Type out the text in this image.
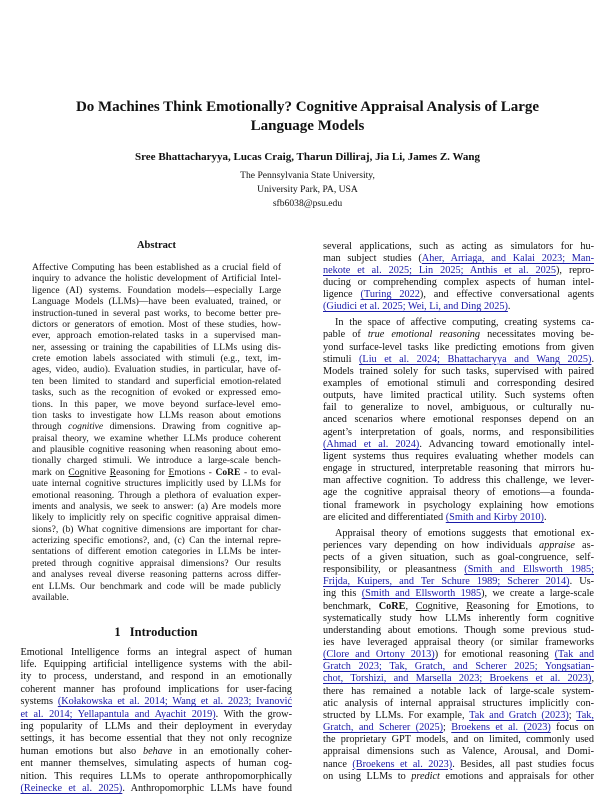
Do Machines Think Emotionally? Cognitive Appraisal Analysis of Large
Language Models
Sree Bhattacharyya, Lucas Craig, Tharun Dilliraj, Jia Li, James Z. Wang
The Pennsylvania State University,
University Park, PA, USA
sfb6038@psu.edu
Abstract
Affective Computing has been established as a crucial field of
inquiry to advance the holistic development of Artificial Intel-
ligence (AI) systems. Foundation models—especially Large
Language Models (LLMs)—have been evaluated, trained, or
instruction-tuned in several past works, to become better pre-
dictors or generators of emotion. Most of these studies, how-
ever, approach emotion-related tasks in a supervised man-
ner, assessing or training the capabilities of LLMs using dis-
crete emotion labels associated with stimuli (e.g., text, im-
ages, video, audio). Evaluation studies, in particular, have of-
ten been limited to standard and superficial emotion-related
tasks, such as the recognition of evoked or expressed emo-
tions. In this paper, we move beyond surface-level emo-
tion tasks to investigate how LLMs reason about emotions
through cognitive dimensions. Drawing from cognitive ap-
praisal theory, we examine whether LLMs produce coherent
and plausible cognitive reasoning when reasoning about emo-
tionally charged stimuli. We introduce a large-scale bench-
mark on Cognitive Reasoning for Emotions - CoRE - to eval-
uate internal cognitive structures implicitly used by LLMs for
emotional reasoning. Through a plethora of evaluation exper-
iments and analysis, we seek to answer: (a) Are models more
likely to implicitly rely on specific cognitive appraisal dimen-
sions?, (b) What cognitive dimensions are important for char-
acterizing specific emotions?, and, (c) Can the internal repre-
sentations of different emotion categories in LLMs be inter-
preted through cognitive appraisal dimensions? Our results
and analyses reveal diverse reasoning patterns across differ-
ent LLMs. Our benchmark and code will be made publicly
available.
1 Introduction
Emotional Intelligence forms an integral aspect of human
life. Equipping artificial intelligence systems with the abil-
ity to process, understand, and respond in an emotionally
coherent manner has profound implications for user-facing
systems (Kołakowska et al. 2014; Wang et al. 2023; Ivanović
et al. 2014; Yellapantula and Ayachit 2019). With the grow-
ing popularity of LLMs and their deployment in everyday
settings, it has become essential that they not only recognize
human emotions but also behave in an emotionally coher-
ent manner themselves, simulating aspects of human cog-
nition. This requires LLMs to operate anthropomorphically
(Reinecke et al. 2025). Anthropomorphic LLMs have found
several applications, such as acting as simulators for hu-
man subject studies (Aher, Arriaga, and Kalai 2023; Man-
nekote et al. 2025; Lin 2025; Anthis et al. 2025), repro-
ducing or comprehending complex aspects of human intel-
ligence (Turing 2022), and effective conversational agents
(Giudici et al. 2025; Wei, Li, and Ding 2025).
In the space of affective computing, creating systems ca-
pable of true emotional reasoning necessitates moving be-
yond surface-level tasks like predicting emotions from given
stimuli (Liu et al. 2024; Bhattacharyya and Wang 2025).
Models trained solely for such tasks, supervised with paired
examples of emotional stimuli and corresponding desired
outputs, have limited practical utility. Such systems often
fail to generalize to novel, ambiguous, or culturally nu-
anced scenarios where emotional responses depend on an
agent’s interpretation of goals, norms, and responsibilities
(Ahmad et al. 2024). Advancing toward emotionally intel-
ligent systems thus requires evaluating whether models can
engage in structured, interpretable reasoning that mirrors hu-
man affective cognition. To address this challenge, we lever-
age the cognitive appraisal theory of emotions—a founda-
tional framework in psychology explaining how emotions
are elicited and differentiated (Smith and Kirby 2010).
Appraisal theory of emotions suggests that emotional ex-
periences vary depending on how individuals appraise as-
pects of a given situation, such as goal-congruence, self-
responsibility, or pleasantness (Smith and Ellsworth 1985;
Frijda, Kuipers, and Ter Schure 1989; Scherer 2014). Us-
ing this (Smith and Ellsworth 1985), we create a large-scale
benchmark, CoRE, Cognitive, Reasoning for Emotions, to
systematically study how LLMs inherently form cognitive
understanding about emotions. Though some previous stud-
ies have leveraged appraisal theory (or similar frameworks
(Clore and Ortony 2013)) for emotional reasoning (Tak and
Gratch 2023; Tak, Gratch, and Scherer 2025; Yongsatian-
chot, Torshizi, and Marsella 2023; Broekens et al. 2023),
there has remained a notable lack of large-scale system-
atic analysis of internal appraisal structures implicitly con-
structed by LLMs. For example, Tak and Gratch (2023); Tak,
Gratch, and Scherer (2025); Broekens et al. (2023) focus on
the proprietary GPT models, and on limited, commonly used
appraisal dimensions such as Valence, Arousal, and Domi-
nance (Broekens et al. 2023). Besides, all past studies focus
on using LLMs to predict emotions and appraisals for other
